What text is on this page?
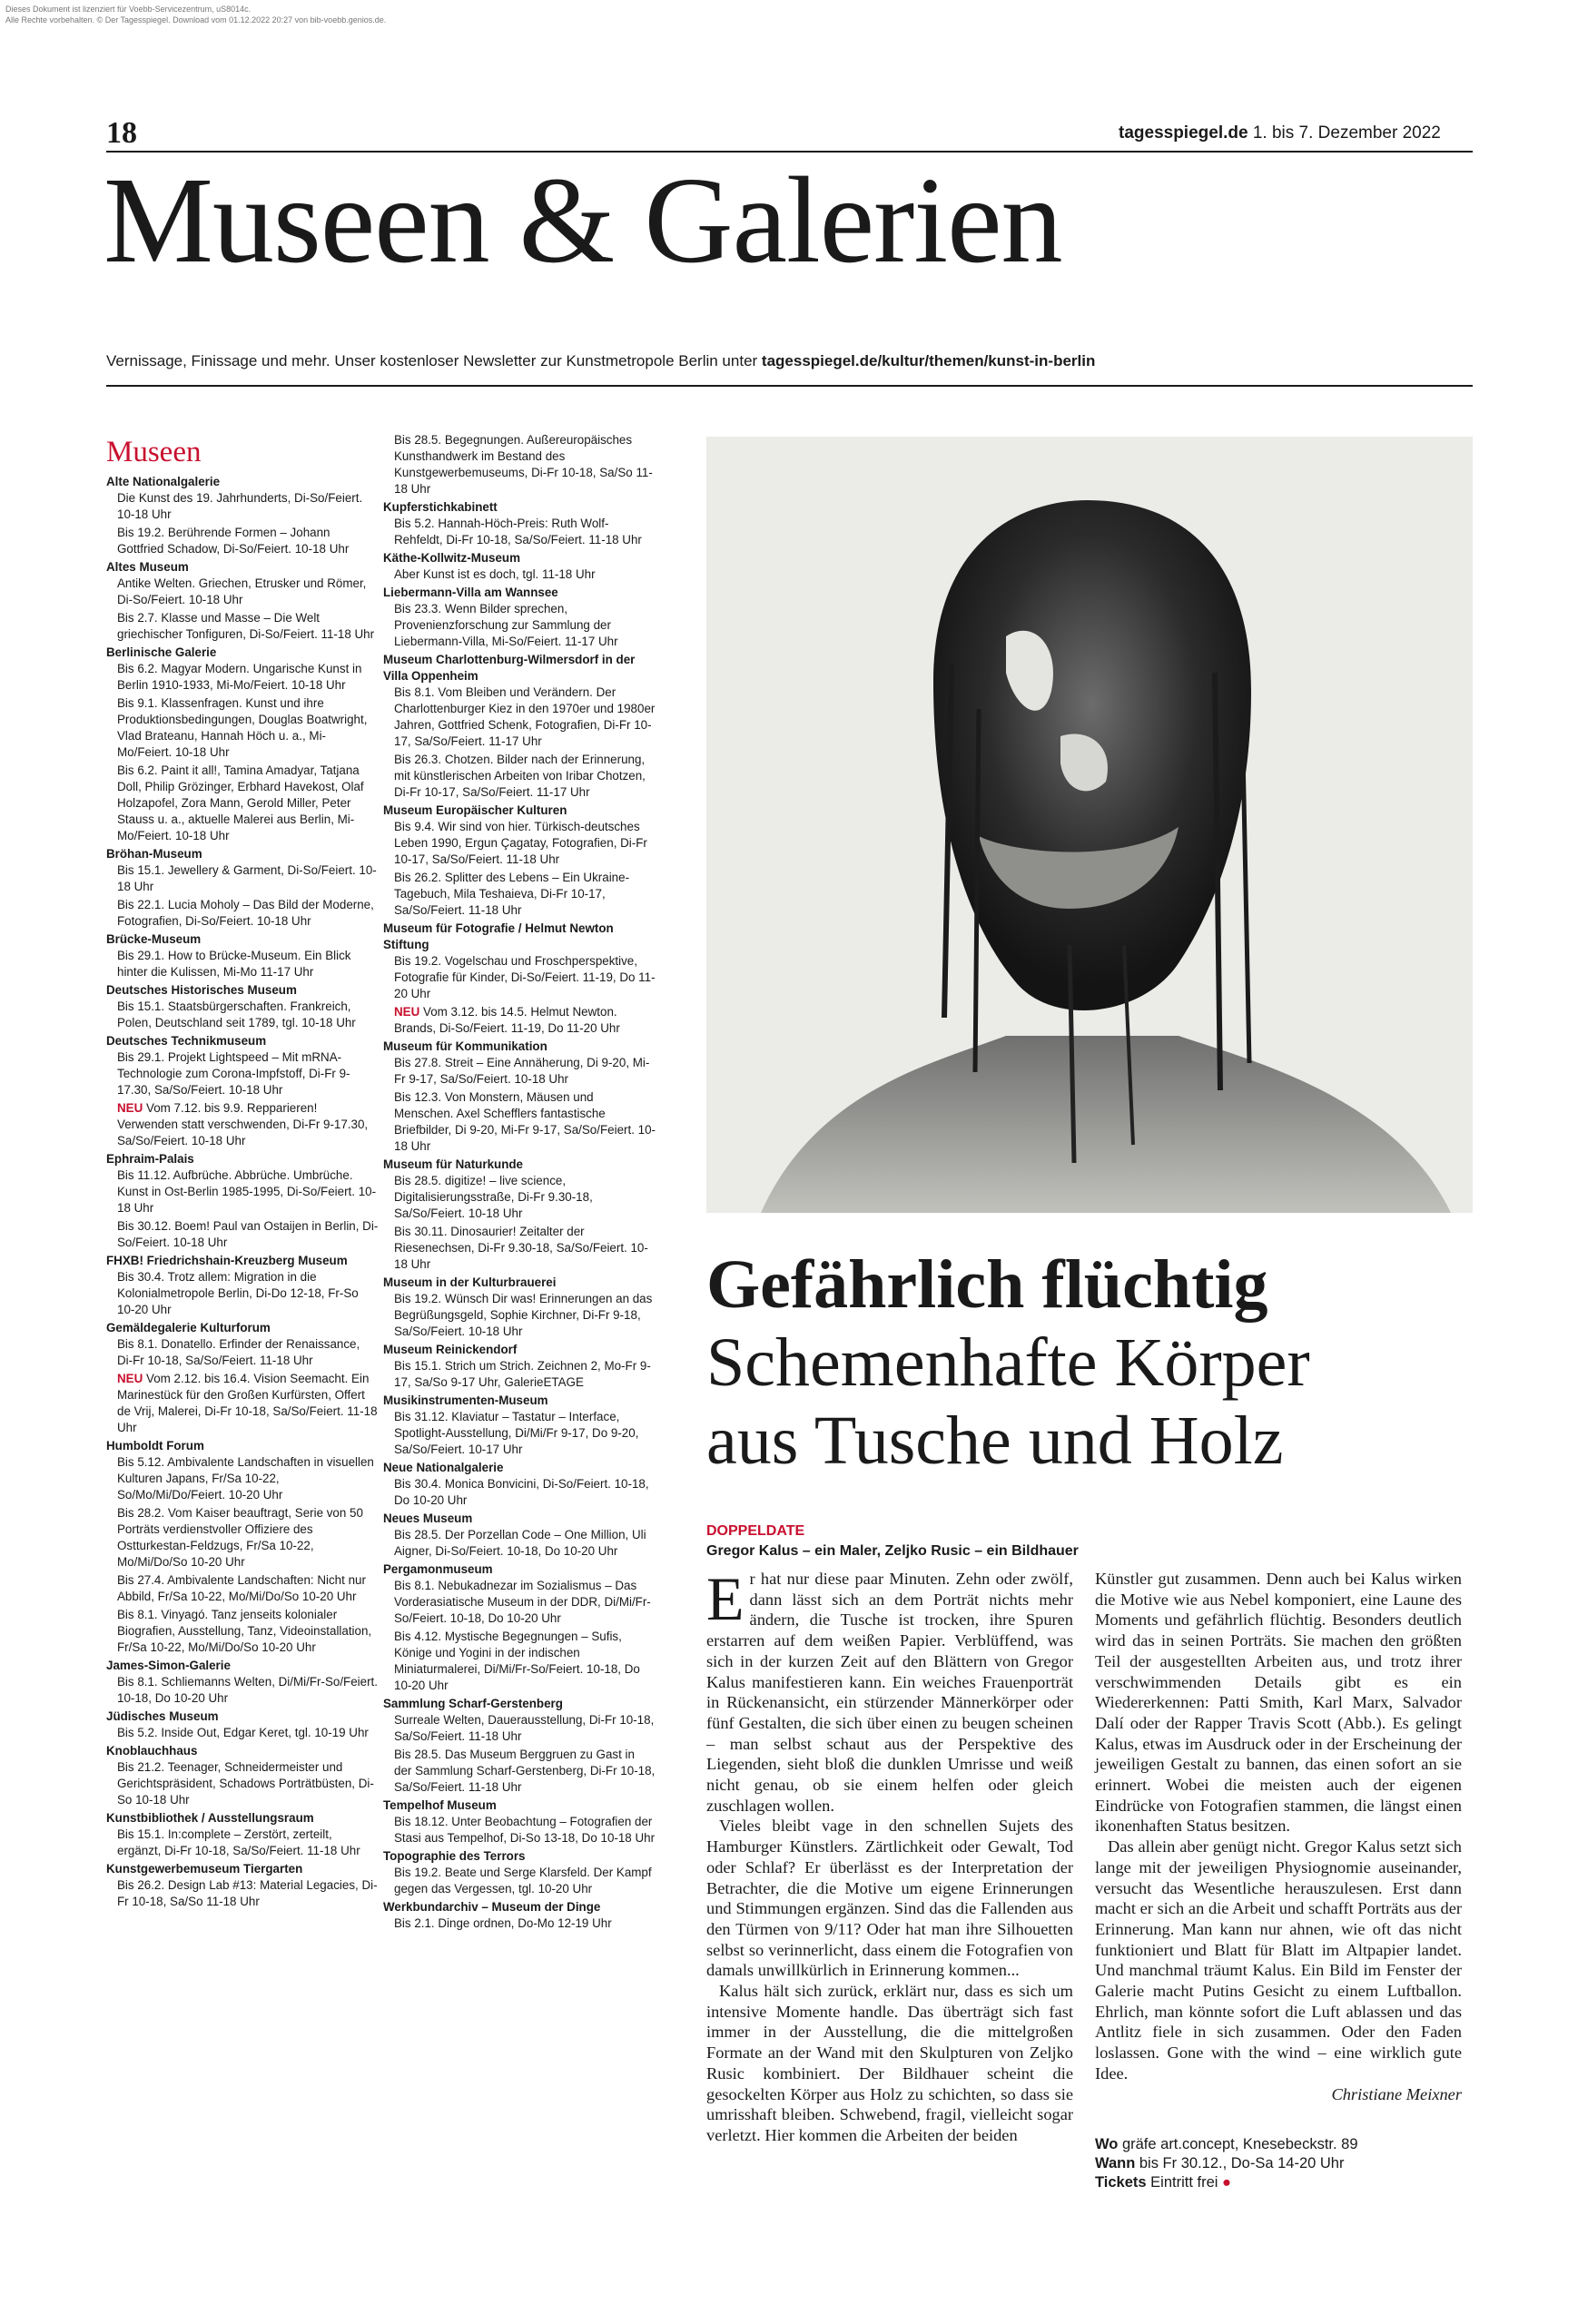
Dieses Dokument ist lizenziert für Voebb-Servicezentrum, uS8014c.
Alle Rechte vorbehalten. © Der Tagesspiegel. Download vom 01.12.2022 20:27 von bib-voebb.genios.de.
18	tagesspiegel.de 1. bis 7. Dezember 2022
Museen & Galerien
Vernissage, Finissage und mehr. Unser kostenloser Newsletter zur Kunstmetropole Berlin unter tagesspiegel.de/kultur/themen/kunst-in-berlin
Museen
Alte Nationalgalerie
Die Kunst des 19. Jahrhunderts, Di-So/Feiert. 10-18 Uhr
Bis 19.2. Berührende Formen – Johann Gottfried Schadow, Di-So/Feiert. 10-18 Uhr
Altes Museum
Antike Welten. Griechen, Etrusker und Römer, Di-So/Feiert. 10-18 Uhr
Bis 2.7. Klasse und Masse – Die Welt griechischer Tonfiguren, Di-So/Feiert. 11-18 Uhr
Berlinische Galerie
Bis 6.2. Magyar Modern. Ungarische Kunst in Berlin 1910-1933, Mi-Mo/Feiert. 10-18 Uhr
Bis 9.1. Klassenfragen. Kunst und ihre Produktionsbedingungen, Douglas Boatwright, Vlad Brateanu, Hannah Höch u. a., Mi-Mo/Feiert. 10-18 Uhr
Bis 6.2. Paint it all!, Tamina Amadyar, Tatjana Doll, Philip Grözinger, Erbhard Havekost, Olaf Holzapofel, Zora Mann, Gerold Miller, Peter Stauss u. a., aktuelle Malerei aus Berlin, Mi-Mo/Feiert. 10-18 Uhr
Bröhan-Museum
Bis 15.1. Jewellery & Garment, Di-So/Feiert. 10-18 Uhr
Bis 22.1. Lucia Moholy – Das Bild der Moderne, Fotografien, Di-So/Feiert. 10-18 Uhr
Brücke-Museum
Bis 29.1. How to Brücke-Museum. Ein Blick hinter die Kulissen, Mi-Mo 11-17 Uhr
Deutsches Historisches Museum
Bis 15.1. Staatsbürgerschaften. Frankreich, Polen, Deutschland seit 1789, tgl. 10-18 Uhr
Deutsches Technikmuseum
Bis 29.1. Projekt Lightspeed – Mit mRNA-Technologie zum Corona-Impfstoff, Di-Fr 9-17.30, Sa/So/Feiert. 10-18 Uhr
NEU Vom 7.12. bis 9.9. Repparieren! Verwenden statt verschwenden, Di-Fr 9-17.30, Sa/So/Feiert. 10-18 Uhr
Ephraim-Palais
Bis 11.12. Aufbrüche. Abbrüche. Umbrüche. Kunst in Ost-Berlin 1985-1995, Di-So/Feiert. 10-18 Uhr
Bis 30.12. Boem! Paul van Ostaijen in Berlin, Di-So/Feiert. 10-18 Uhr
FHXB! Friedrichshain-Kreuzberg Museum
Bis 30.4. Trotz allem: Migration in die Kolonialmetropole Berlin, Di-Do 12-18, Fr-So 10-20 Uhr
Gemäldegalerie Kulturforum
Bis 8.1. Donatello. Erfinder der Renaissance, Di-Fr 10-18, Sa/So/Feiert. 11-18 Uhr
NEU Vom 2.12. bis 16.4. Vision Seemacht. Ein Marinestück für den Großen Kurfürsten, Offert de Vrij, Malerei, Di-Fr 10-18, Sa/So/Feiert. 11-18 Uhr
Humboldt Forum
Bis 5.12. Ambivalente Landschaften in visuellen Kulturen Japans, Fr/Sa 10-22, So/Mo/Mi/Do/Feiert. 10-20 Uhr
Bis 28.2. Vom Kaiser beauftragt, Serie von 50 Porträts verdienstvoller Offiziere des Ostturkestan-Feldzugs, Fr/Sa 10-22, Mo/Mi/Do/So 10-20 Uhr
Bis 27.4. Ambivalente Landschaften: Nicht nur Abbild, Fr/Sa 10-22, Mo/Mi/Do/So 10-20 Uhr
Bis 8.1. Vinyagó. Tanz jenseits kolonialer Biografien, Ausstellung, Tanz, Videoinstallation, Fr/Sa 10-22, Mo/Mi/Do/So 10-20 Uhr
James-Simon-Galerie
Bis 8.1. Schliemanns Welten, Di/Mi/Fr-So/Feiert. 10-18, Do 10-20 Uhr
Jüdisches Museum
Bis 5.2. Inside Out, Edgar Keret, tgl. 10-19 Uhr
Knoblauchhaus
Bis 21.2. Teenager, Schneidermeister und Gerichtspräsident, Schadows Porträtbüsten, Di-So 10-18 Uhr
Kunstbibliothek / Ausstellungsraum
Bis 15.1. In:complete – Zerstört, zerteilt, ergänzt, Di-Fr 10-18, Sa/So/Feiert. 11-18 Uhr
Kunstgewerbemuseum Tiergarten
Bis 26.2. Design Lab #13: Material Legacies, Di-Fr 10-18, Sa/So 11-18 Uhr
Bis 28.5. Begegnungen. Außereuropäisches Kunsthandwerk im Bestand des Kunstgewerbemuseums, Di-Fr 10-18, Sa/So 11-18 Uhr
Kupferstichkabinett
Bis 5.2. Hannah-Höch-Preis: Ruth Wolf-Rehfeldt, Di-Fr 10-18, Sa/So/Feiert. 11-18 Uhr
Käthe-Kollwitz-Museum
Aber Kunst ist es doch, tgl. 11-18 Uhr
Liebermann-Villa am Wannsee
Bis 23.3. Wenn Bilder sprechen, Provenienzforschung zur Sammlung der Liebermann-Villa, Mi-So/Feiert. 11-17 Uhr
Museum Charlottenburg-Wilmersdorf in der Villa Oppenheim
Bis 8.1. Vom Bleiben und Verändern. Der Charlottenburger Kiez in den 1970er und 1980er Jahren, Gottfried Schenk, Fotografien, Di-Fr 10-17, Sa/So/Feiert. 11-17 Uhr
Bis 26.3. Chotzen. Bilder nach der Erinnerung, mit künstlerischen Arbeiten von Iribar Chotzen, Di-Fr 10-17, Sa/So/Feiert. 11-17 Uhr
Museum Europäischer Kulturen
Bis 9.4. Wir sind von hier. Türkisch-deutsches Leben 1990, Ergun Çagatay, Fotografien, Di-Fr 10-17, Sa/So/Feiert. 11-18 Uhr
Bis 26.2. Splitter des Lebens – Ein Ukraine-Tagebuch, Mila Teshaieva, Di-Fr 10-17, Sa/So/Feiert. 11-18 Uhr
Museum für Fotografie / Helmut Newton Stiftung
Bis 19.2. Vogelschau und Froschperspektive, Fotografie für Kinder, Di-So/Feiert. 11-19, Do 11-20 Uhr
NEU Vom 3.12. bis 14.5. Helmut Newton. Brands, Di-So/Feiert. 11-19, Do 11-20 Uhr
Museum für Kommunikation
Bis 27.8. Streit – Eine Annäherung, Di 9-20, Mi-Fr 9-17, Sa/So/Feiert. 10-18 Uhr
Bis 12.3. Von Monstern, Mäusen und Menschen. Axel Schefflers fantastische Briefbilder, Di 9-20, Mi-Fr 9-17, Sa/So/Feiert. 10-18 Uhr
Museum für Naturkunde
Bis 28.5. digitize! – live science, Digitalisierungsstraße, Di-Fr 9.30-18, Sa/So/Feiert. 10-18 Uhr
Bis 30.11. Dinosaurier! Zeitalter der Riesenechsen, Di-Fr 9.30-18, Sa/So/Feiert. 10-18 Uhr
Museum in der Kulturbrauerei
Bis 19.2. Wünsch Dir was! Erinnerungen an das Begrüßungsgeld, Sophie Kirchner, Di-Fr 9-18, Sa/So/Feiert. 10-18 Uhr
Museum Reinickendorf
Bis 15.1. Strich um Strich. Zeichnen 2, Mo-Fr 9-17, Sa/So 9-17 Uhr, GalerieETAGE
Musikinstrumenten-Museum
Bis 31.12. Klaviatur – Tastatur – Interface, Spotlight-Ausstellung, Di/Mi/Fr 9-17, Do 9-20, Sa/So/Feiert. 10-17 Uhr
Neue Nationalgalerie
Bis 30.4. Monica Bonvicini, Di-So/Feiert. 10-18, Do 10-20 Uhr
Neues Museum
Bis 28.5. Der Porzellan Code – One Million, Uli Aigner, Di-So/Feiert. 10-18, Do 10-20 Uhr
Pergamonmuseum
Bis 8.1. Nebukadnezar im Sozialismus – Das Vorderasiatische Museum in der DDR, Di/Mi/Fr-So/Feiert. 10-18, Do 10-20 Uhr
Bis 4.12. Mystische Begegnungen – Sufis, Könige und Yogini in der indischen Miniaturmalerei, Di/Mi/Fr-So/Feiert. 10-18, Do 10-20 Uhr
Sammlung Scharf-Gerstenberg
Surreale Welten, Dauerausstellung, Di-Fr 10-18, Sa/So/Feiert. 11-18 Uhr
Bis 28.5. Das Museum Berggruen zu Gast in der Sammlung Scharf-Gerstenberg, Di-Fr 10-18, Sa/So/Feiert. 11-18 Uhr
Tempelhof Museum
Bis 18.12. Unter Beobachtung – Fotografien der Stasi aus Tempelhof, Di-So 13-18, Do 10-18 Uhr
Topographie des Terrors
Bis 19.2. Beate und Serge Klarsfeld. Der Kampf gegen das Vergessen, tgl. 10-20 Uhr
Werkbundarchiv – Museum der Dinge
Bis 2.1. Dinge ordnen, Do-Mo 12-19 Uhr
Gefährlich flüchtig
Schemenhafte Körper
aus Tusche und Holz
DOPPELDATE
Gregor Kalus – ein Maler, Zeljko Rusic – ein Bildhauer

Er hat nur diese paar Minuten. Zehn oder zwölf, dann lässt sich an dem Porträt nichts mehr ändern, die Tusche ist trocken, ihre Spuren erstarren auf dem weißen Papier. Verblüffend, was sich in der kurzen Zeit auf den Blättern von Gregor Kalus manifestieren kann. Ein weiches Frauenporträt in Rückenansicht, ein stürzender Männerkörper oder fünf Gestalten, die sich über einen zu beugen scheinen – man selbst schaut aus der Perspektive des Liegenden, sieht bloß die dunklen Umrisse und weiß nicht genau, ob sie einem helfen oder gleich zuschlagen wollen.

Vieles bleibt vage in den schnellen Sujets des Hamburger Künstlers. Zärtlichkeit oder Gewalt, Tod oder Schlaf? Er überlässt es der Interpretation der Betrachter, die die Motive um eigene Erinnerungen und Stimmungen ergänzen. Sind das die Fallenden aus den Türmen von 9/11? Oder hat man ihre Silhouetten selbst so verinnerlicht, dass einem die Fotografien von damals unwillkürlich in Erinnerung kommen...

Kalus hält sich zurück, erklärt nur, dass es sich um intensive Momente handle. Das überträgt sich fast immer in der Ausstellung, die die mittelgroßen Formate an der Wand mit den Skulpturen von Zeljko Rusic kombiniert. Der Bildhauer scheint die gesockelten Körper aus Holz zu schichten, so dass sie umrisshaft bleiben. Schwebend, fragil, vielleicht sogar verletzt. Hier kommen die Arbeiten der beiden

Künstler gut zusammen. Denn auch bei Kalus wirken die Motive wie aus Nebel komponiert, eine Laune des Moments und gefährlich flüchtig. Besonders deutlich wird das in seinen Porträts. Sie machen den größten Teil der ausgestellten Arbeiten aus, und trotz ihrer verschwimmenden Details gibt es ein Wiedererkennen: Patti Smith, Karl Marx, Salvador Dalí oder der Rapper Travis Scott (Abb.). Es gelingt Kalus, etwas im Ausdruck oder in der Erscheinung der jeweiligen Gestalt zu bannen, das einen sofort an sie erinnert. Wobei die meisten auch der eigenen Eindrücke von Fotografien stammen, die längst einen ikonenhaften Status besitzen.

Das allein aber genügt nicht. Gregor Kalus setzt sich lange mit der jeweiligen Physiognomie auseinander, versucht das Wesentliche herauszulesen. Erst dann macht er sich an die Arbeit und schafft Porträts aus der Erinnerung. Man kann nur ahnen, wie oft das nicht funktioniert und Blatt für Blatt im Altpapier landet. Und manchmal träumt Kalus. Ein Bild im Fenster der Galerie macht Putins Gesicht zu einem Luftballon. Ehrlich, man könnte sofort die Luft ablassen und das Antlitz fiele in sich zusammen. Oder den Faden loslassen. Gone with the wind – eine wirklich gute Idee.

Christiane Meixner
Wo gräfe art.concept, Knesebeckstr. 89
Wann bis Fr 30.12., Do-Sa 14-20 Uhr
Tickets Eintritt frei ●
